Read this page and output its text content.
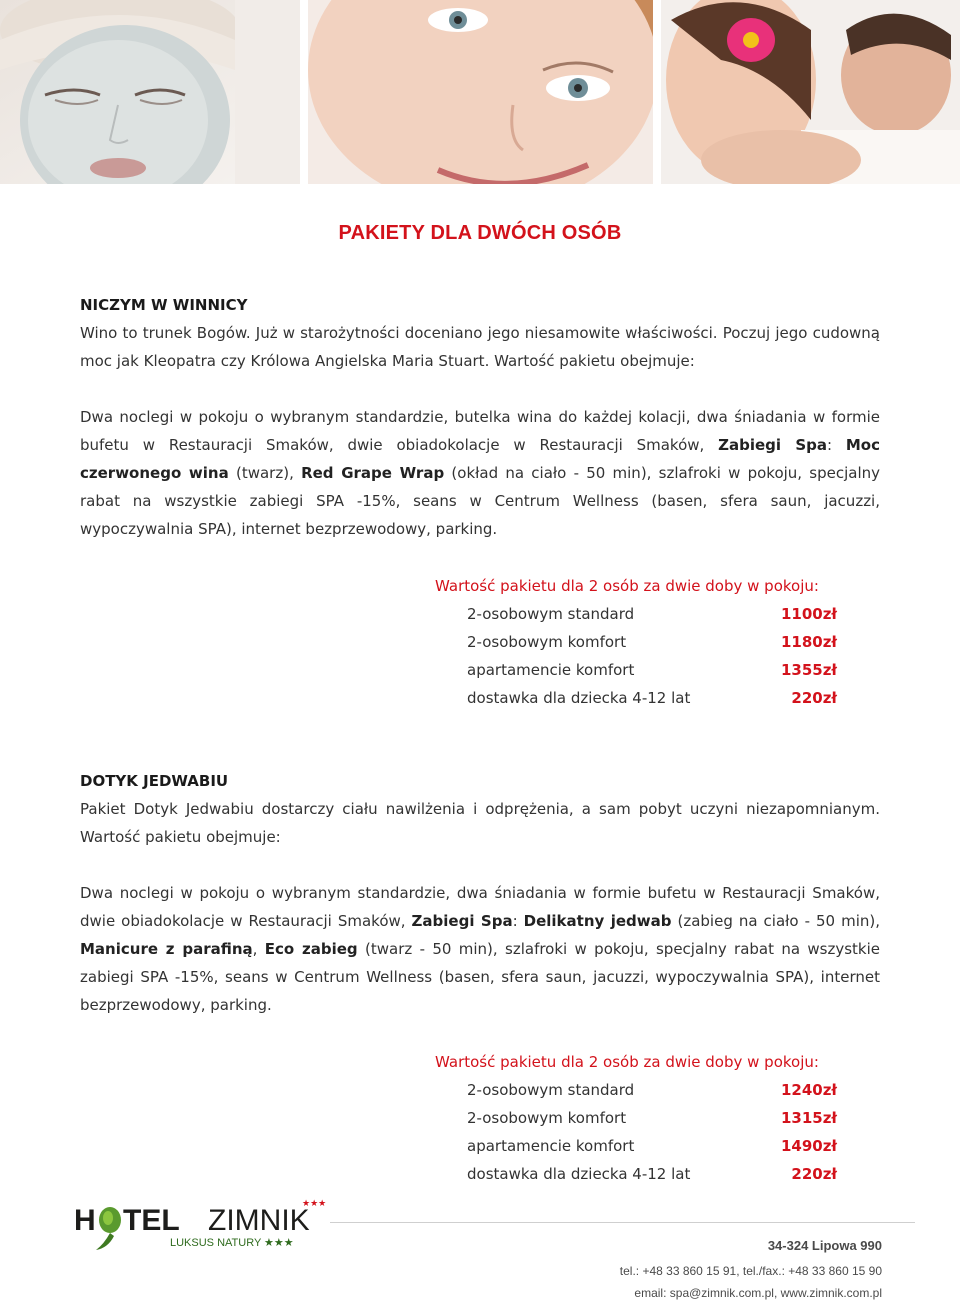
PAKIETY DLA DWÓCH OSÓB
NICZYM W WINNICY

Wino to trunek Bogów. Już w starożytności doceniano jego niesamowite właściwości. Poczuj jego cudowną moc jak Kleopatra czy Królowa Angielska Maria Stuart. Wartość pakietu obejmuje:

Dwa noclegi w pokoju o wybranym standardzie, butelka wina do każdej kolacji, dwa śniadania w formie bufetu w Restauracji Smaków, dwie obiadokolacje w Restauracji Smaków, Zabiegi Spa: Moc czerwonego wina (twarz), Red Grape Wrap (okład na ciało - 50 min), szlafroki w pokoju, specjalny rabat na wszystkie zabiegi SPA -15%, seans w Centrum Wellness (basen, sfera saun, jacuzzi, wypoczywalnia SPA), internet bezprzewodowy, parking.

Wartość pakietu dla 2 osób za dwie doby w pokoju:
2-osobowym standard	1100zł
2-osobowym komfort	1180zł
apartamencie komfort	1355zł
dostawka dla dziecka 4-12 lat	220zł
DOTYK JEDWABIU

Pakiet Dotyk Jedwabiu dostarczy ciału nawilżenia i odprężenia, a sam pobyt uczyni niezapomnianym. Wartość pakietu obejmuje:

Dwa noclegi w pokoju o wybranym standardzie, dwa śniadania w formie bufetu w Restauracji Smaków, dwie obiadokolacje w Restauracji Smaków, Zabiegi Spa: Delikatny jedwab (zabieg na ciało - 50 min), Manicure z parafiną, Eco zabieg (twarz - 50 min), szlafroki w pokoju, specjalny rabat na wszystkie zabiegi SPA -15%, seans w Centrum Wellness (basen, sfera saun, jacuzzi, wypoczywalnia SPA), internet bezprzewodowy, parking.

Wartość pakietu dla 2 osób za dwie doby w pokoju:
2-osobowym standard	1240zł
2-osobowym komfort	1315zł
apartamencie komfort	1490zł
dostawka dla dziecka 4-12 lat	220zł
H TEL ZIMNIK
★★★
LUKSUS NATURY ★★★	34-324 Lipowa 990
tel.: +48 33 860 15 91, tel./fax.: +48 33 860 15 90
email: spa@zimnik.com.pl, www.zimnik.com.pl
